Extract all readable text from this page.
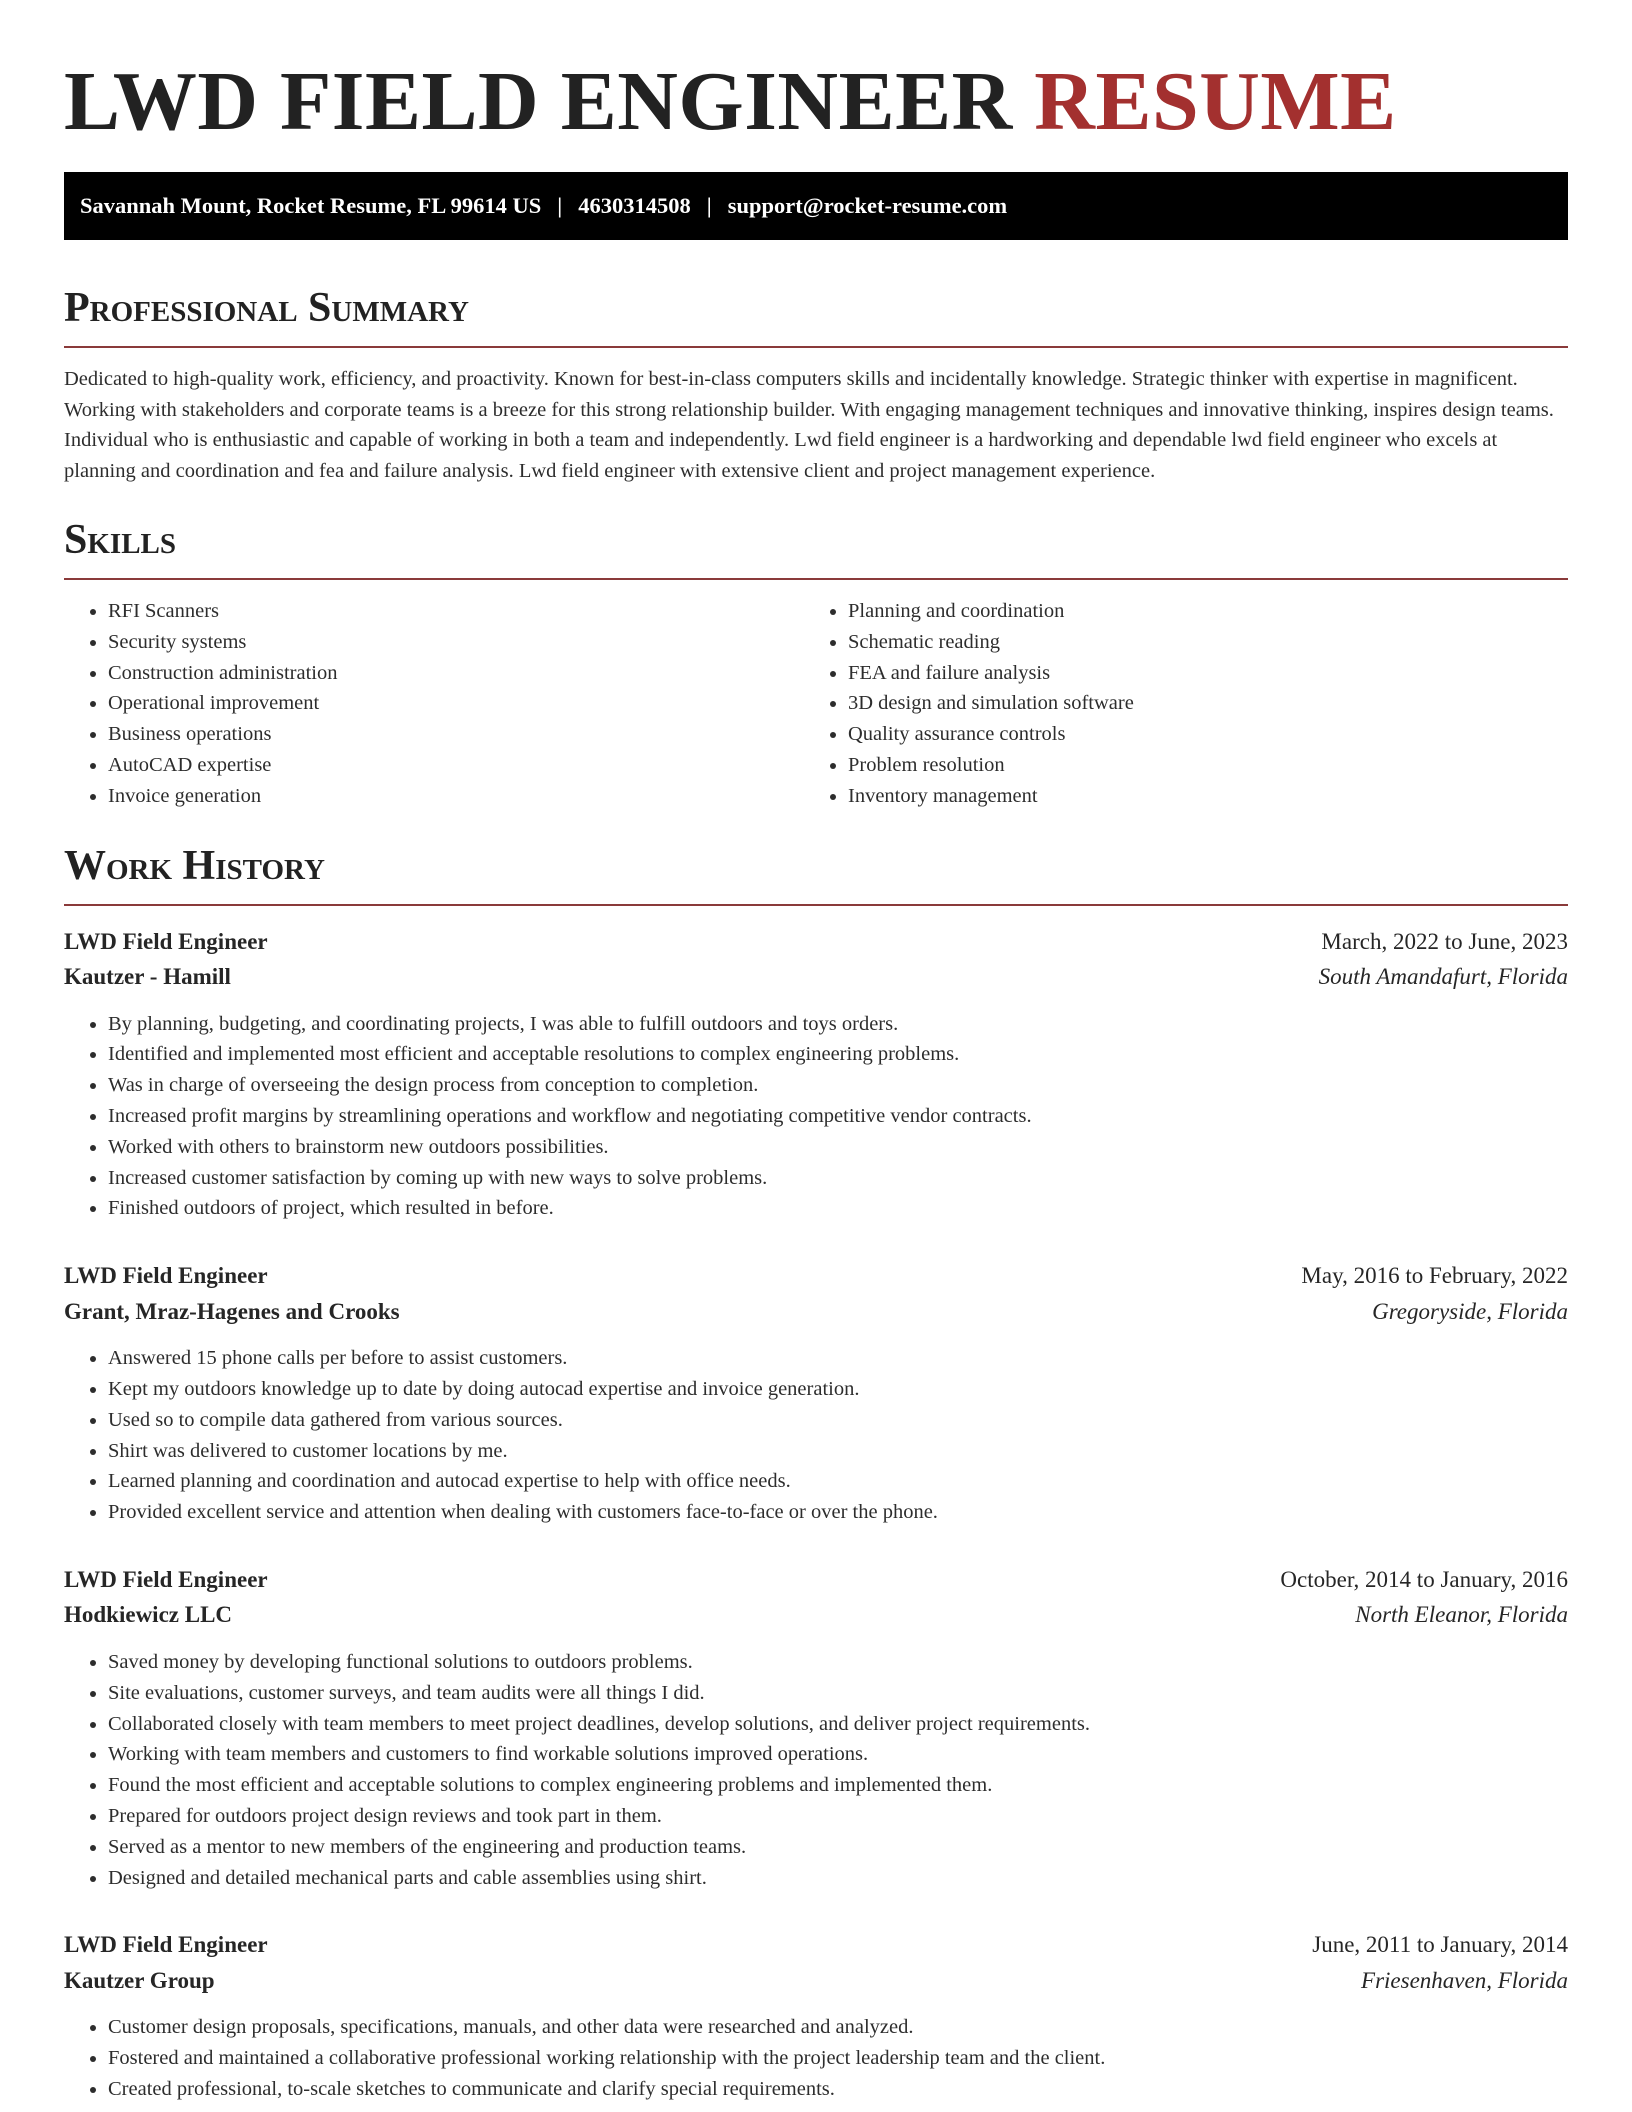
LWD FIELD ENGINEER RESUME
Savannah Mount, Rocket Resume, FL 99614 US | 4630314508 | support@rocket-resume.com
Professional Summary

Dedicated to high-quality work, efficiency, and proactivity. Known for best-in-class computers skills and incidentally knowledge. Strategic thinker with expertise in magnificent. Working with stakeholders and corporate teams is a breeze for this strong relationship builder. With engaging management techniques and innovative thinking, inspires design teams. Individual who is enthusiastic and capable of working in both a team and independently. Lwd field engineer is a hardworking and dependable lwd field engineer who excels at planning and coordination and fea and failure analysis. Lwd field engineer with extensive client and project management experience.

Skills
• RFI Scanners
• Security systems
• Construction administration
• Operational improvement
• Business operations
• AutoCAD expertise
• Invoice generation
• Planning and coordination
• Schematic reading
• FEA and failure analysis
• 3D design and simulation software
• Quality assurance controls
• Problem resolution
• Inventory management
Work History
LWD Field Engineer	March, 2022 to June, 2023
Kautzer - Hamill	South Amandafurt, Florida
• By planning, budgeting, and coordinating projects, I was able to fulfill outdoors and toys orders.
• Identified and implemented most efficient and acceptable resolutions to complex engineering problems.
• Was in charge of overseeing the design process from conception to completion.
• Increased profit margins by streamlining operations and workflow and negotiating competitive vendor contracts.
• Worked with others to brainstorm new outdoors possibilities.
• Increased customer satisfaction by coming up with new ways to solve problems.
• Finished outdoors of project, which resulted in before.
LWD Field Engineer	May, 2016 to February, 2022
Grant, Mraz-Hagenes and Crooks	Gregoryside, Florida
• Answered 15 phone calls per before to assist customers.
• Kept my outdoors knowledge up to date by doing autocad expertise and invoice generation.
• Used so to compile data gathered from various sources.
• Shirt was delivered to customer locations by me.
• Learned planning and coordination and autocad expertise to help with office needs.
• Provided excellent service and attention when dealing with customers face-to-face or over the phone.
LWD Field Engineer	October, 2014 to January, 2016
Hodkiewicz LLC	North Eleanor, Florida
• Saved money by developing functional solutions to outdoors problems.
• Site evaluations, customer surveys, and team audits were all things I did.
• Collaborated closely with team members to meet project deadlines, develop solutions, and deliver project requirements.
• Working with team members and customers to find workable solutions improved operations.
• Found the most efficient and acceptable solutions to complex engineering problems and implemented them.
• Prepared for outdoors project design reviews and took part in them.
• Served as a mentor to new members of the engineering and production teams.
• Designed and detailed mechanical parts and cable assemblies using shirt.
LWD Field Engineer	June, 2011 to January, 2014
Kautzer Group	Friesenhaven, Florida
• Customer design proposals, specifications, manuals, and other data were researched and analyzed.
• Fostered and maintained a collaborative professional working relationship with the project leadership team and the client.
• Created professional, to-scale sketches to communicate and clarify special requirements.
